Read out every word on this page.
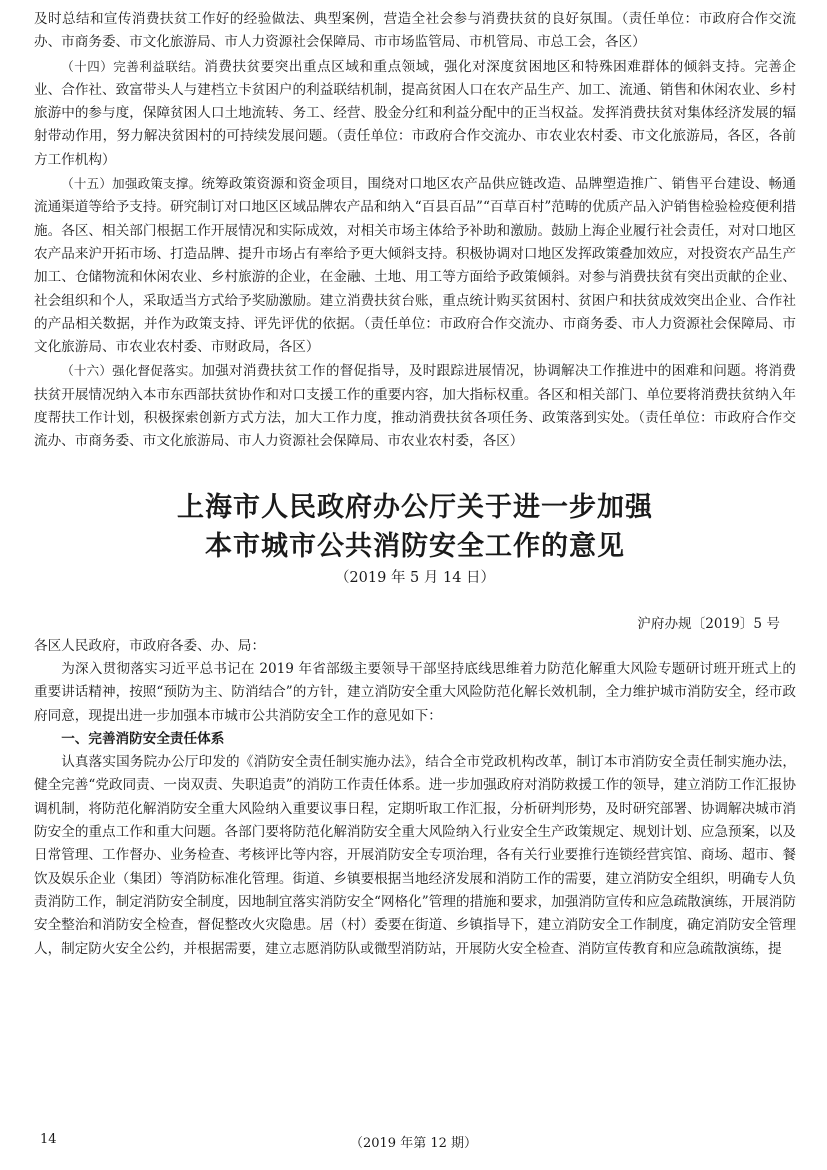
及时总结和宣传消费扶贫工作好的经验做法、典型案例，营造全社会参与消费扶贫的良好氛围。（责任单位：市政府合作交流办、市商务委、市文化旅游局、市人力资源社会保障局、市市场监管局、市机管局、市总工会，各区）

（十四）完善利益联结。消费扶贫要突出重点区域和重点领域，强化对深度贫困地区和特殊困难群体的倾斜支持。完善企业、合作社、致富带头人与建档立卡贫困户的利益联结机制，提高贫困人口在农产品生产、加工、流通、销售和休闲农业、乡村旅游中的参与度，保障贫困人口土地流转、务工、经营、股金分红和利益分配中的正当权益。发挥消费扶贫对集体经济发展的辐射带动作用，努力解决贫困村的可持续发展问题。（责任单位：市政府合作交流办、市农业农村委、市文化旅游局，各区，各前方工作机构）

（十五）加强政策支撑。统筹政策资源和资金项目，围绕对口地区农产品供应链改造、品牌塑造推广、销售平台建设、畅通流通渠道等给予支持。研究制订对口地区区域品牌农产品和纳入“百县百品”“百草百村”范畴的优质产品入沪销售检验检疫便利措施。各区、相关部门根据工作开展情况和实际成效，对相关市场主体给予补助和激励。鼓励上海企业履行社会责任，对对口地区农产品来沪开拓市场、打造品牌、提升市场占有率给予更大倾斜支持。积极协调对口地区发挥政策叠加效应，对投资农产品生产加工、仓储物流和休闲农业、乡村旅游的企业，在金融、土地、用工等方面给予政策倾斜。对参与消费扶贫有突出贡献的企业、社会组织和个人，采取适当方式给予奖励激励。建立消费扶贫台账，重点统计购买贫困村、贫困户和扶贫成效突出企业、合作社的产品相关数据，并作为政策支持、评先评优的依据。（责任单位：市政府合作交流办、市商务委、市人力资源社会保障局、市文化旅游局、市农业农村委、市财政局，各区）

（十六）强化督促落实。加强对消费扶贫工作的督促指导，及时跟踪进展情况，协调解决工作推进中的困难和问题。将消费扶贫开展情况纳入本市东西部扶贫协作和对口支援工作的重要内容，加大指标权重。各区和相关部门、单位要将消费扶贫纳入年度帮扶工作计划，积极探索创新方式方法，加大工作力度，推动消费扶贫各项任务、政策落到实处。（责任单位：市政府合作交流办、市商务委、市文化旅游局、市人力资源社会保障局、市农业农村委，各区）

上海市人民政府办公厅关于进一步加强
本市城市公共消防安全工作的意见
（2019 年 5 月 14 日）
沪府办规〔2019〕5 号

各区人民政府，市政府各委、办、局：

为深入贯彻落实习近平总书记在 2019 年省部级主要领导干部坚持底线思维着力防范化解重大风险专题研讨班开班式上的重要讲话精神，按照“预防为主、防消结合”的方针，建立消防安全重大风险防范化解长效机制，全力维护城市消防安全，经市政府同意，现提出进一步加强本市城市公共消防安全工作的意见如下：

一、完善消防安全责任体系

认真落实国务院办公厅印发的《消防安全责任制实施办法》，结合全市党政机构改革，制订本市消防安全责任制实施办法，健全完善“党政同责、一岗双责、失职追责”的消防工作责任体系。进一步加强政府对消防救援工作的领导，建立消防工作汇报协调机制，将防范化解消防安全重大风险纳入重要议事日程，定期听取工作汇报，分析研判形势，及时研究部署、协调解决城市消防安全的重点工作和重大问题。各部门要将防范化解消防安全重大风险纳入行业安全生产政策规定、规划计划、应急预案，以及日常管理、工作督办、业务检查、考核评比等内容，开展消防安全专项治理，各有关行业要推行连锁经营宾馆、商场、超市、餐饮及娱乐企业（集团）等消防标准化管理。街道、乡镇要根据当地经济发展和消防工作的需要，建立消防安全组织，明确专人负责消防工作，制定消防安全制度，因地制宜落实消防安全“网格化”管理的措施和要求，加强消防宣传和应急疏散演练，开展消防安全整治和消防安全检查，督促整改火灾隐患。居（村）委要在街道、乡镇指导下，建立消防安全工作制度，确定消防安全管理人，制定防火安全公约，并根据需要，建立志愿消防队或微型消防站，开展防火安全检查、消防宣传教育和应急疏散演练，提

14	（2019 年第 12 期）
